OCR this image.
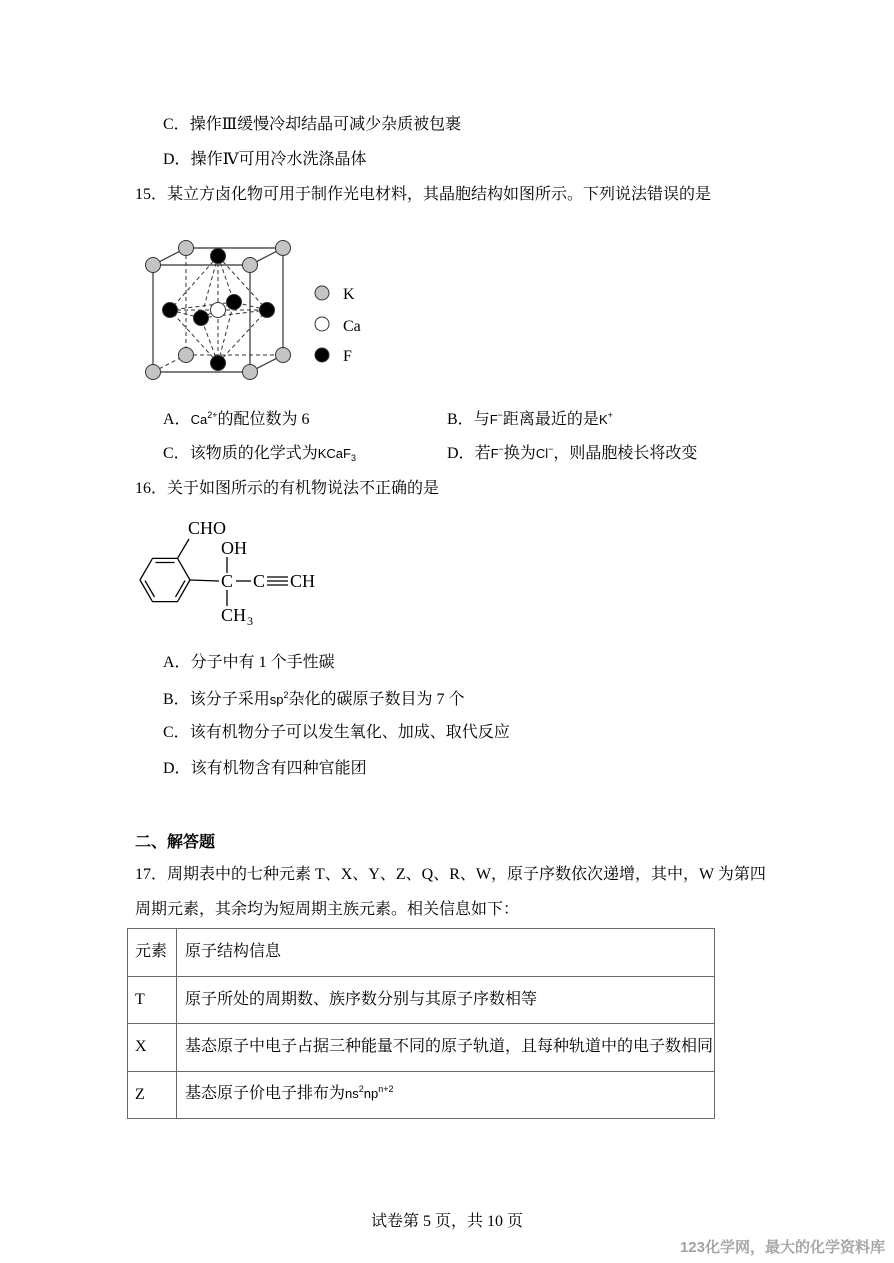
C．操作Ⅲ缓慢冷却结晶可减少杂质被包裹
D．操作Ⅳ可用冷水洗涤晶体
15．某立方卤化物可用于制作光电材料，其晶胞结构如图所示。下列说法错误的是
K
Ca
F
A．$Ca^{2+}$的配位数为 6	B．与F−距离最近的是K+
C．该物质的化学式为KCaF3	D．若F−换为Cl−，则晶胞棱长将改变
16．关于如图所示的有机物说法不正确的是
CHO
OH
C C CH
CH 3
A．分子中有 1 个手性碳
B．该分子采用$sp^2$杂化的碳原子数目为 7 个
C．该有机物分子可以发生氧化、加成、取代反应
D．该有机物含有四种官能团
二、解答题
17．周期表中的七种元素 T、X、Y、Z、Q、R、W，原子序数依次递增，其中，W 为第四
周期元素，其余均为短周期主族元素。相关信息如下：
元素	原子结构信息
T	原子所处的周期数、族序数分别与其原子序数相等
X	基态原子中电子占据三种能量不同的原子轨道，且每种轨道中的电子数相同
Z	基态原子价电子排布为$ns^2np^{n+2}$
试卷第 5 页，共 10 页
123化学网，最大的化学资料库
